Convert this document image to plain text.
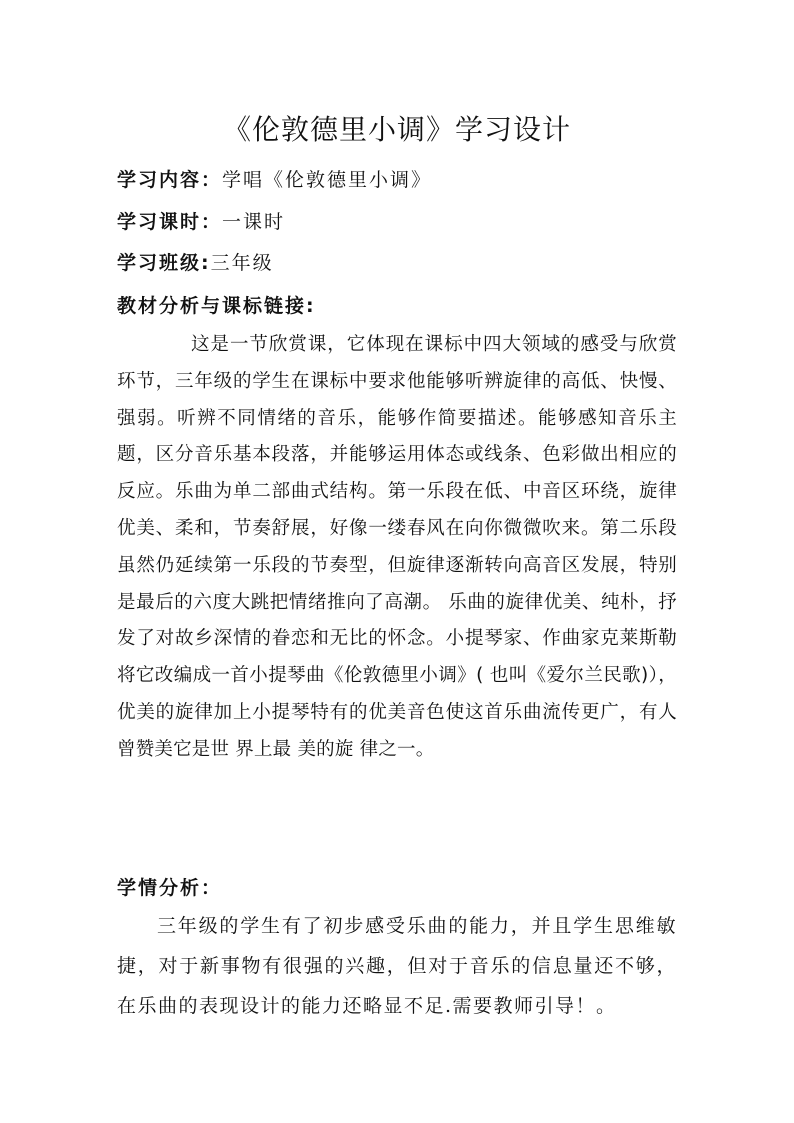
《伦敦德里小调》学习设计
学习内容：学唱《伦敦德里小调》
学习课时：一课时
学习班级:三年级
教材分析与课标链接:
这是一节欣赏课，它体现在课标中四大领域的感受与欣赏环节，三年级的学生在课标中要求他能够听辨旋律的高低、快慢、强弱。听辨不同情绪的音乐，能够作简要描述。能够感知音乐主题，区分音乐基本段落，并能够运用体态或线条、色彩做出相应的反应。乐曲为单二部曲式结构。第一乐段在低、中音区环绕，旋律优美、柔和，节奏舒展，好像一缕春风在向你微微吹来。第二乐段虽然仍延续第一乐段的节奏型，但旋律逐渐转向高音区发展，特别是最后的六度大跳把情绪推向了高潮。 乐曲的旋律优美、纯朴，抒发了对故乡深情的眷恋和无比的怀念。小提琴家、作曲家克莱斯勒将它改编成一首小提琴曲《伦敦德里小调》( 也叫《爱尔兰民歌)），优美的旋律加上小提琴特有的优美音色使这首乐曲流传更广，有人曾赞美它是世 界上最 美的旋 律之一。
学情分析：
三年级的学生有了初步感受乐曲的能力，并且学生思维敏捷，对于新事物有很强的兴趣，但对于音乐的信息量还不够，在乐曲的表现设计的能力还略显不足.需要教师引导！。
